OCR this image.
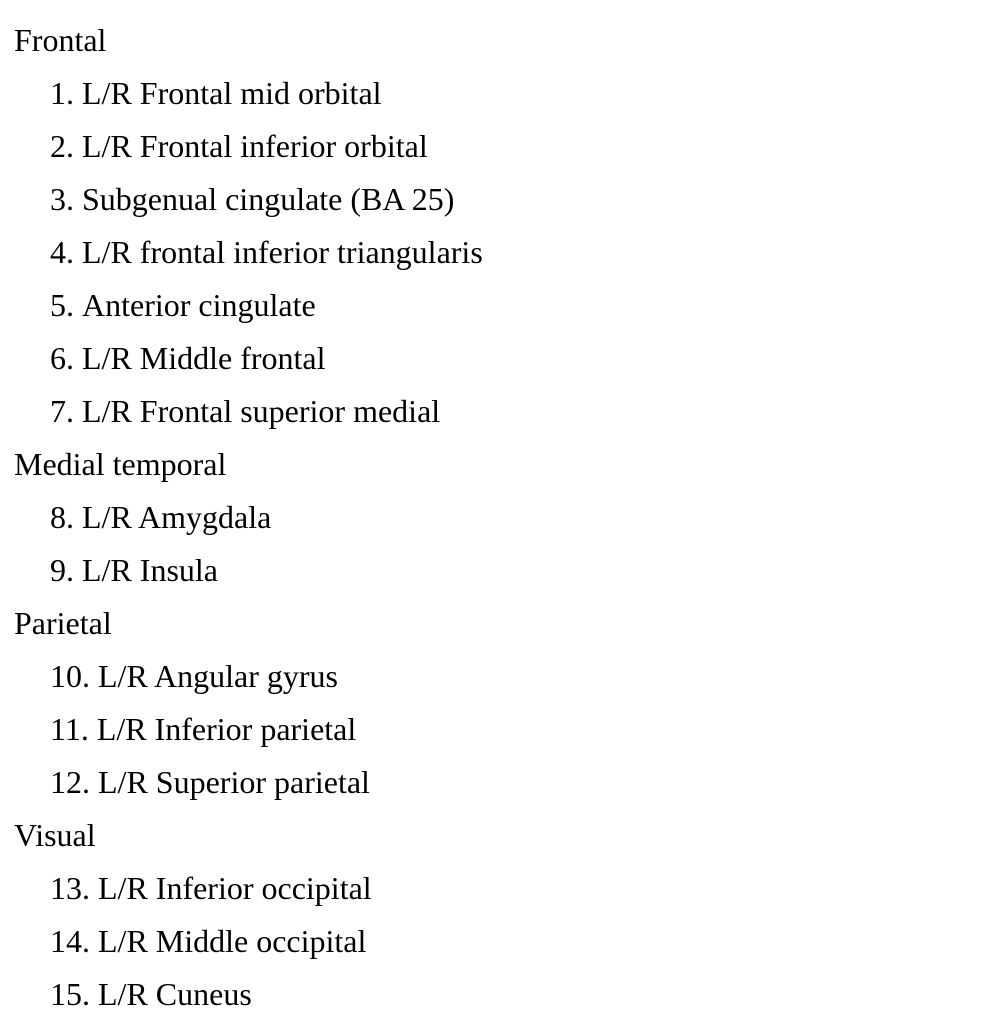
Frontal
1. L/R Frontal mid orbital
2. L/R Frontal inferior orbital
3. Subgenual cingulate (BA 25)
4. L/R frontal inferior triangularis
5. Anterior cingulate
6. L/R Middle frontal
7. L/R Frontal superior medial
Medial temporal
8. L/R Amygdala
9. L/R Insula
Parietal
10. L/R Angular gyrus
11. L/R Inferior parietal
12. L/R Superior parietal
Visual
13. L/R Inferior occipital
14. L/R Middle occipital
15. L/R Cuneus
